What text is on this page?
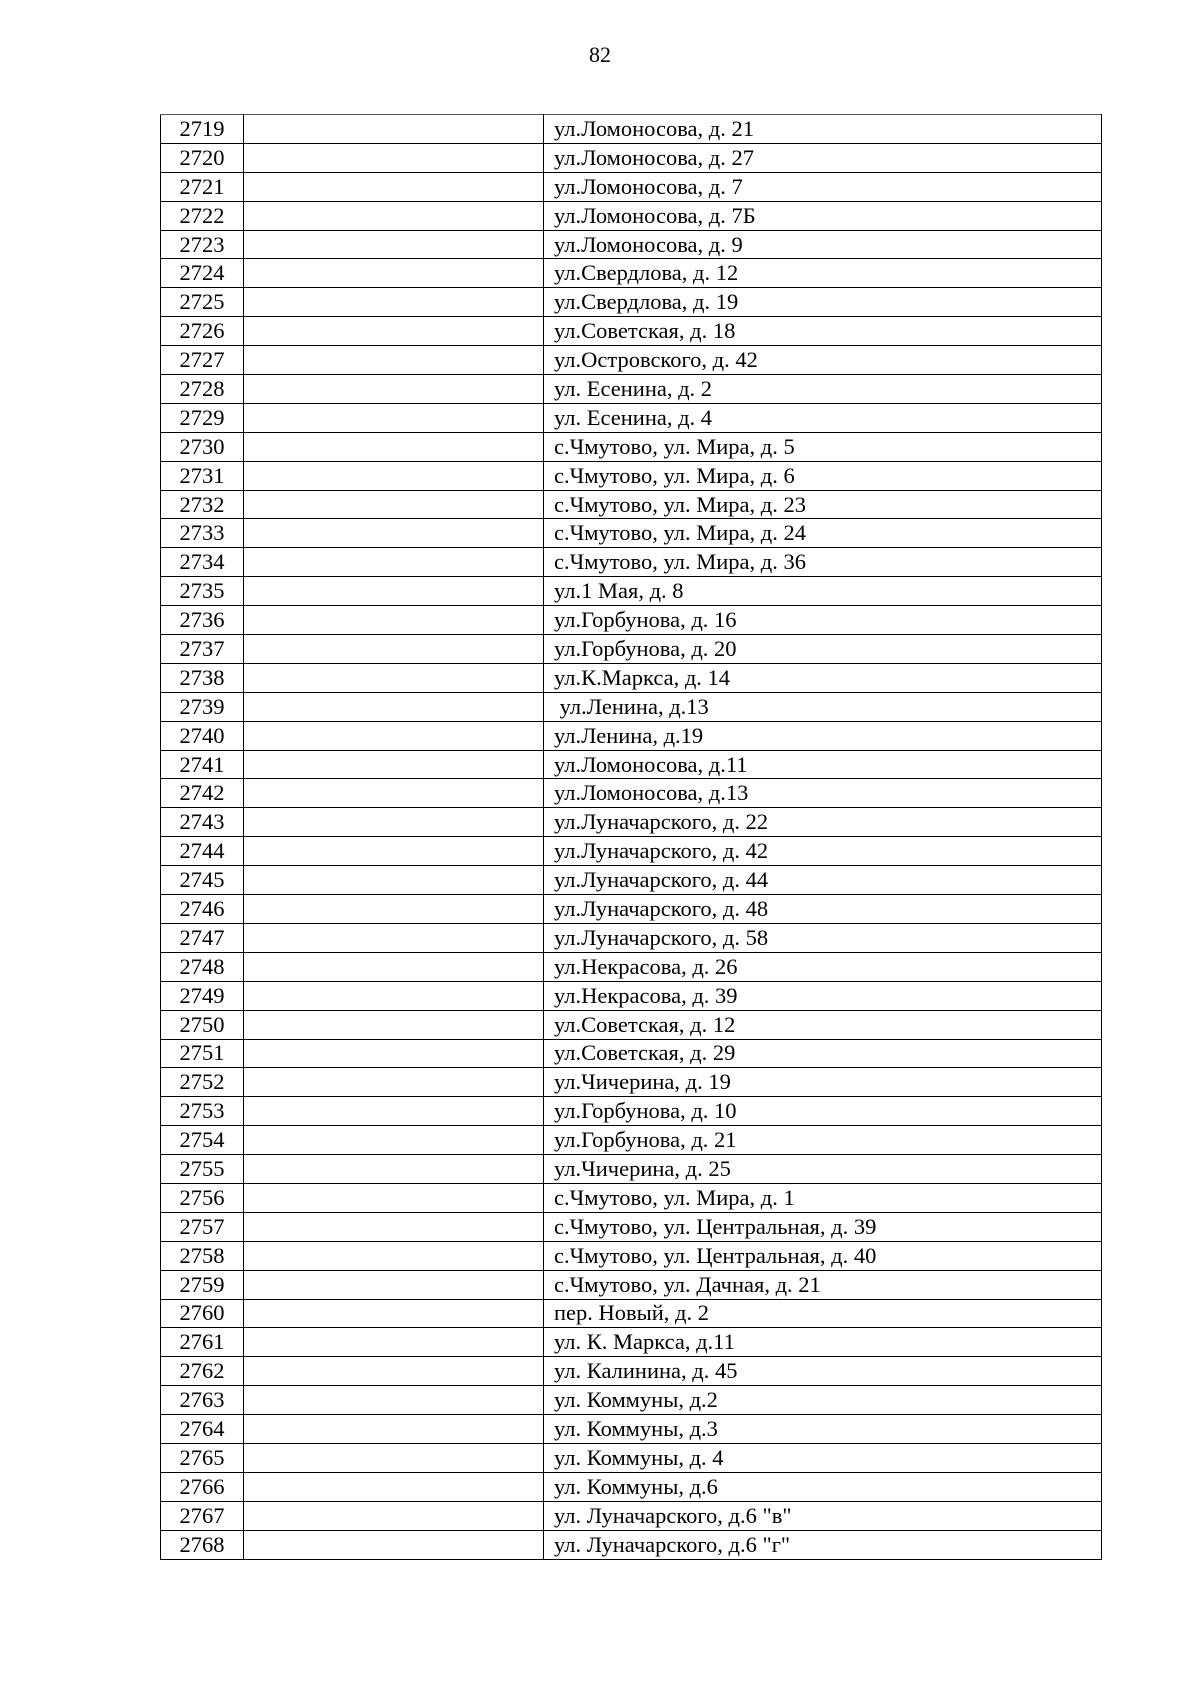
82
2719		ул.Ломоносова, д. 21
2720		ул.Ломоносова, д. 27
2721		ул.Ломоносова, д. 7
2722		ул.Ломоносова, д. 7Б
2723		ул.Ломоносова, д. 9
2724		ул.Свердлова, д. 12
2725		ул.Свердлова, д. 19
2726		ул.Советская, д. 18
2727		ул.Островского, д. 42
2728		ул. Есенина, д. 2
2729		ул. Есенина, д. 4
2730		с.Чмутово, ул. Мира, д. 5
2731		с.Чмутово, ул. Мира, д. 6
2732		с.Чмутово, ул. Мира, д. 23
2733		с.Чмутово, ул. Мира, д. 24
2734		с.Чмутово, ул. Мира, д. 36
2735		ул.1 Мая, д. 8
2736		ул.Горбунова, д. 16
2737		ул.Горбунова, д. 20
2738		ул.К.Маркса, д. 14
2739		ул.Ленина, д.13
2740		ул.Ленина, д.19
2741		ул.Ломоносова, д.11
2742		ул.Ломоносова, д.13
2743		ул.Луначарского, д. 22
2744		ул.Луначарского, д. 42
2745		ул.Луначарского, д. 44
2746		ул.Луначарского, д. 48
2747		ул.Луначарского, д. 58
2748		ул.Некрасова, д. 26
2749		ул.Некрасова, д. 39
2750		ул.Советская, д. 12
2751		ул.Советская, д. 29
2752		ул.Чичерина, д. 19
2753		ул.Горбунова, д. 10
2754		ул.Горбунова, д. 21
2755		ул.Чичерина, д. 25
2756		с.Чмутово, ул. Мира, д. 1
2757		с.Чмутово, ул. Центральная, д. 39
2758		с.Чмутово, ул. Центральная, д. 40
2759		с.Чмутово, ул. Дачная, д. 21
2760		пер. Новый, д. 2
2761		ул. К. Маркса, д.11
2762		ул. Калинина, д. 45
2763		ул. Коммуны, д.2
2764		ул. Коммуны, д.3
2765		ул. Коммуны, д. 4
2766		ул. Коммуны, д.6
2767		ул. Луначарского, д.6 "в"
2768		ул. Луначарского, д.6 "г"
